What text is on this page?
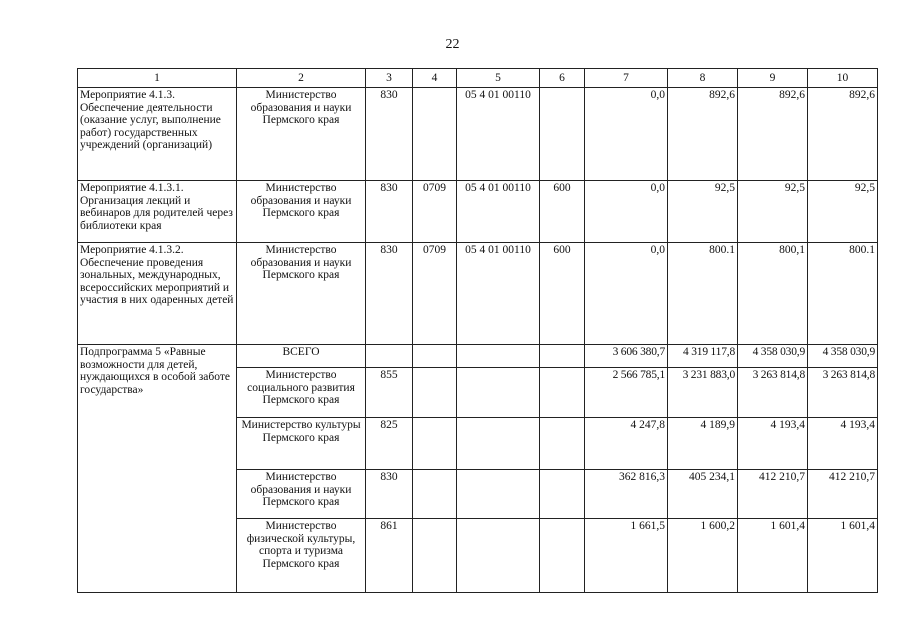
22
1	2	3	4	5	6	7	8	9	10
Мероприятие 4.1.3. Обеспечение деятельности (оказание услуг, выполнение работ) государственных учреждений (организаций)	Министерство образования и науки Пермского края	830		05 4 01 00110		0,0	892,6	892,6	892,6
Мероприятие 4.1.3.1. Организация лекций и вебинаров для родителей через библиотеки края	Министерство образования и науки Пермского края	830	0709	05 4 01 00110	600	0,0	92,5	92,5	92,5
Мероприятие 4.1.3.2. Обеспечение проведения зональных, международных, всероссийских мероприятий и участия в них одаренных детей	Министерство образования и науки Пермского края	830	0709	05 4 01 00110	600	0,0	800.1	800,1	800.1
Подпрограмма 5 «Равные возможности для детей, нуждающихся в особой заботе государства»	ВСЕГО					3 606 380,7	4 319 117,8	4 358 030,9	4 358 030,9
	Министерство социального развития Пермского края	855				2 566 785,1	3 231 883,0	3 263 814,8	3 263 814,8
	Министерство культуры Пермского края	825				4 247,8	4 189,9	4 193,4	4 193,4
	Министерство образования и науки Пермского края	830				362 816,3	405 234,1	412 210,7	412 210,7
	Министерство физической культуры, спорта и туризма Пермского края	861				1 661,5	1 600,2	1 601,4	1 601,4
